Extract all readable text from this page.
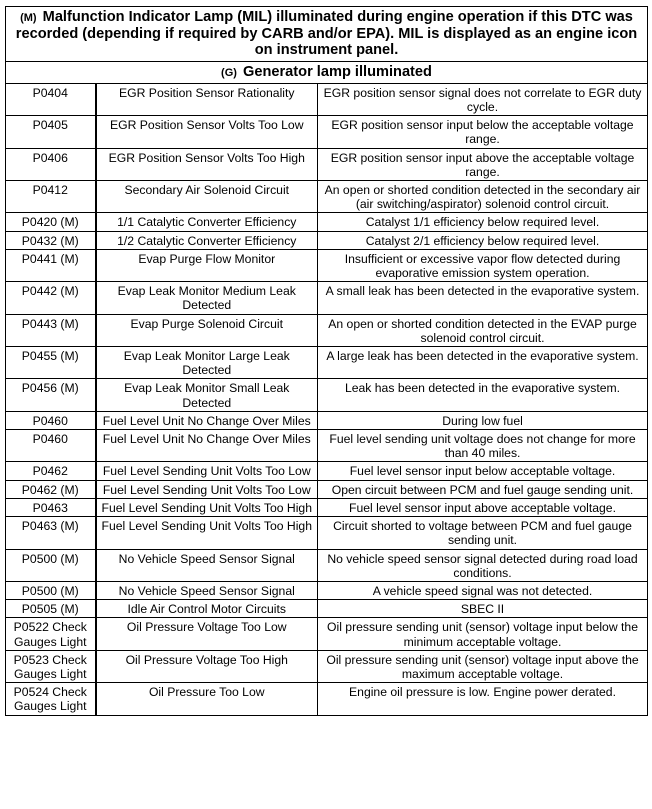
(M) Malfunction Indicator Lamp (MIL) illuminated during engine operation if this DTC was recorded (depending if required by CARB and/or EPA). MIL is displayed as an engine icon on instrument panel.		
(G) Generator lamp illuminated		
P0404	EGR Position Sensor Rationality	EGR position sensor signal does not correlate to EGR duty cycle.
P0405	EGR Position Sensor Volts Too Low	EGR position sensor input below the acceptable voltage range.
P0406	EGR Position Sensor Volts Too High	EGR position sensor input above the acceptable voltage range.
P0412	Secondary Air Solenoid Circuit	An open or shorted condition detected in the secondary air (air switching/aspirator) solenoid control circuit.
P0420 (M)	1/1 Catalytic Converter Efficiency	Catalyst 1/1 efficiency below required level.
P0432 (M)	1/2 Catalytic Converter Efficiency	Catalyst 2/1 efficiency below required level.
P0441 (M)	Evap Purge Flow Monitor	Insufficient or excessive vapor flow detected during evaporative emission system operation.
P0442 (M)	Evap Leak Monitor Medium Leak Detected	A small leak has been detected in the evaporative system.
P0443 (M)	Evap Purge Solenoid Circuit	An open or shorted condition detected in the EVAP purge solenoid control circuit.
P0455 (M)	Evap Leak Monitor Large Leak Detected	A large leak has been detected in the evaporative system.
P0456 (M)	Evap Leak Monitor Small Leak Detected	Leak has been detected in the evaporative system.
P0460	Fuel Level Unit No Change Over Miles	During low fuel
P0460	Fuel Level Unit No Change Over Miles	Fuel level sending unit voltage does not change for more than 40 miles.
P0462	Fuel Level Sending Unit Volts Too Low	Fuel level sensor input below acceptable voltage.
P0462 (M)	Fuel Level Sending Unit Volts Too Low	Open circuit between PCM and fuel gauge sending unit.
P0463	Fuel Level Sending Unit Volts Too High	Fuel level sensor input above acceptable voltage.
P0463 (M)	Fuel Level Sending Unit Volts Too High	Circuit shorted to voltage between PCM and fuel gauge sending unit.
P0500 (M)	No Vehicle Speed Sensor Signal	No vehicle speed sensor signal detected during road load conditions.
P0500 (M)	No Vehicle Speed Sensor Signal	A vehicle speed signal was not detected.
P0505 (M)	Idle Air Control Motor Circuits	SBEC II
P0522 Check Gauges Light	Oil Pressure Voltage Too Low	Oil pressure sending unit (sensor) voltage input below the minimum acceptable voltage.
P0523 Check Gauges Light	Oil Pressure Voltage Too High	Oil pressure sending unit (sensor) voltage input above the maximum acceptable voltage.
P0524 Check Gauges Light	Oil Pressure Too Low	Engine oil pressure is low. Engine power derated.
